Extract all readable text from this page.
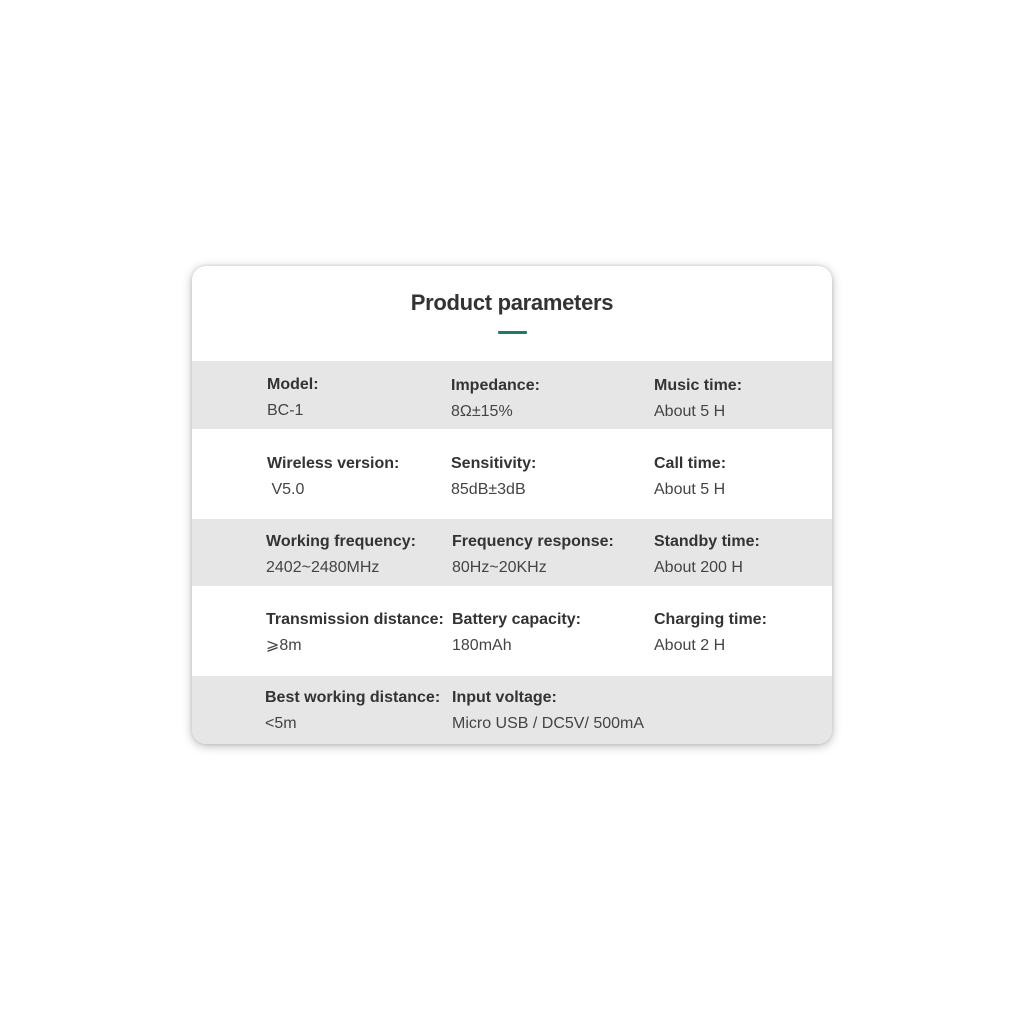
Product parameters
Model:
BC-1
Impedance:
8Ω±15%
Music time:
About 5 H
Wireless version:
V5.0
Sensitivity:
85dB±3dB
Call time:
About 5 H
Working frequency:
2402~2480MHz
Frequency response:
80Hz~20KHz
Standby time:
About 200 H
Transmission distance:
⩾8m
Battery capacity:
180mAh
Charging time:
About 2 H
Best working distance:
<5m
Input voltage:
Micro USB / DC5V/ 500mA
